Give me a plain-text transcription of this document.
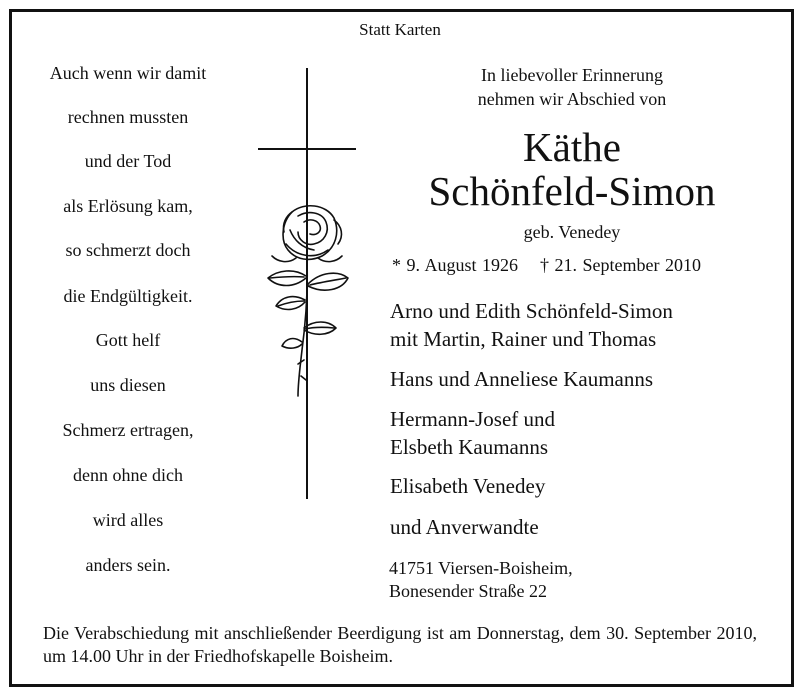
Statt Karten
Auch wenn wir damit
rechnen mussten
und der Tod
als Erlösung kam,
so schmerzt doch
die Endgültigkeit.
Gott helf
uns diesen
Schmerz ertragen,
denn ohne dich
wird alles
anders sein.
In liebevoller Erinnerung
nehmen wir Abschied von
Käthe
Schönfeld-Simon
geb. Venedey
* 9. August 1926 † 21. September 2010
Arno und Edith Schönfeld-Simon
mit Martin, Rainer und Thomas
Hans und Anneliese Kaumanns
Hermann-Josef und
Elsbeth Kaumanns
Elisabeth Venedey
und Anverwandte
41751 Viersen-Boisheim,
Bonesender Straße 22
Die Verabschiedung mit anschließender Beerdigung ist am Donnerstag, dem 30. September 2010, um 14.00 Uhr in der Friedhofskapelle Boisheim.
